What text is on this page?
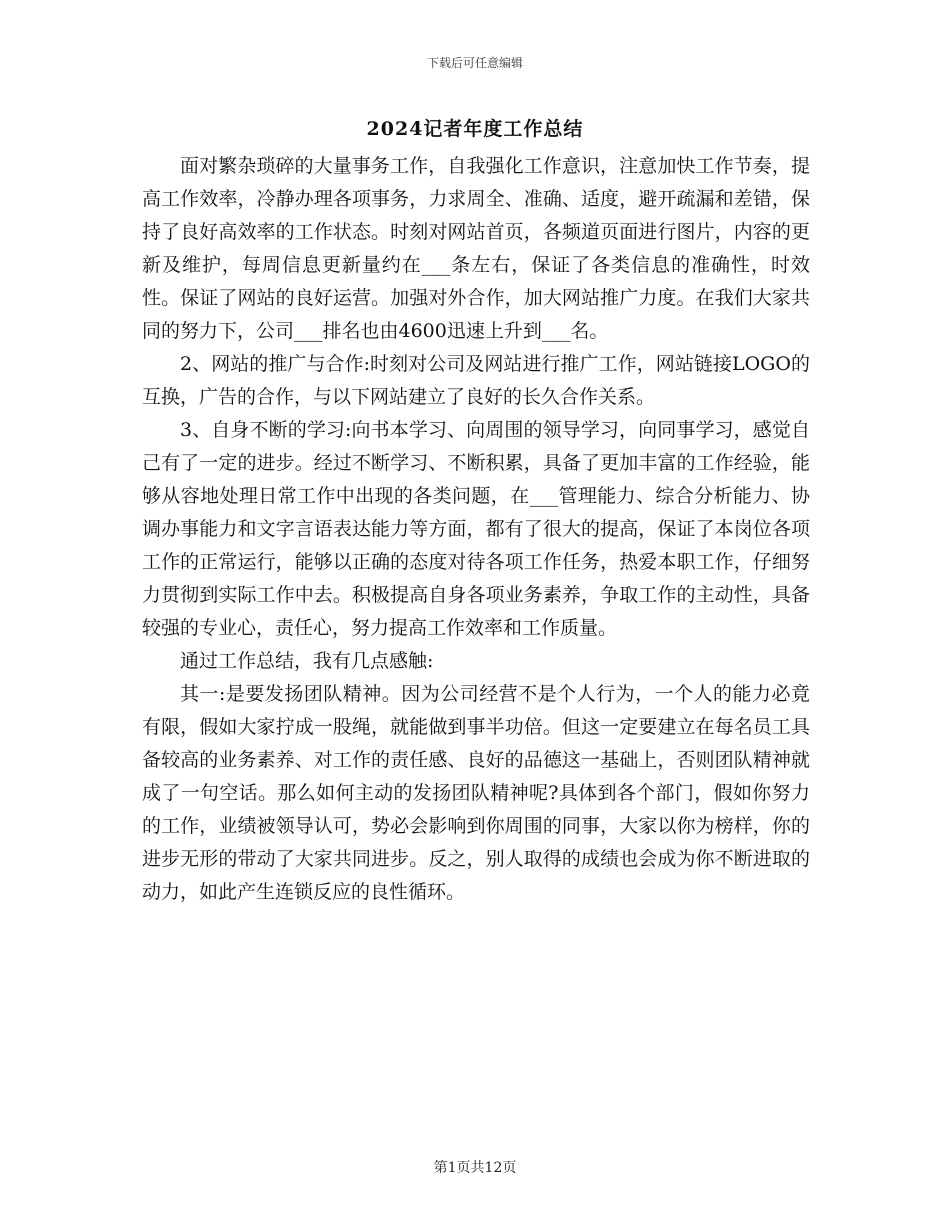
下载后可任意编辑
2024记者年度工作总结

面对繁杂琐碎的大量事务工作，自我强化工作意识，注意加快工作节奏，提高工作效率，冷静办理各项事务，力求周全、准确、适度，避开疏漏和差错，保持了良好高效率的工作状态。时刻对网站首页，各频道页面进行图片，内容的更新及维护，每周信息更新量约在___条左右，保证了各类信息的准确性，时效性。保证了网站的良好运营。加强对外合作，加大网站推广力度。在我们大家共同的努力下，公司___排名也由4600迅速上升到___名。

2、网站的推广与合作:时刻对公司及网站进行推广工作，网站链接LOGO的互换，广告的合作，与以下网站建立了良好的长久合作关系。

3、自身不断的学习:向书本学习、向周围的领导学习，向同事学习，感觉自己有了一定的进步。经过不断学习、不断积累，具备了更加丰富的工作经验，能够从容地处理日常工作中出现的各类问题，在___管理能力、综合分析能力、协调办事能力和文字言语表达能力等方面，都有了很大的提高，保证了本岗位各项工作的正常运行，能够以正确的态度对待各项工作任务，热爱本职工作，仔细努力贯彻到实际工作中去。积极提高自身各项业务素养，争取工作的主动性，具备较强的专业心，责任心，努力提高工作效率和工作质量。

通过工作总结，我有几点感触:

其一:是要发扬团队精神。因为公司经营不是个人行为，一个人的能力必竟有限，假如大家拧成一股绳，就能做到事半功倍。但这一定要建立在每名员工具备较高的业务素养、对工作的责任感、良好的品德这一基础上，否则团队精神就成了一句空话。那么如何主动的发扬团队精神呢?具体到各个部门，假如你努力的工作，业绩被领导认可，势必会影响到你周围的同事，大家以你为榜样，你的进步无形的带动了大家共同进步。反之，别人取得的成绩也会成为你不断进取的动力，如此产生连锁反应的良性循环。

第1页共12页
